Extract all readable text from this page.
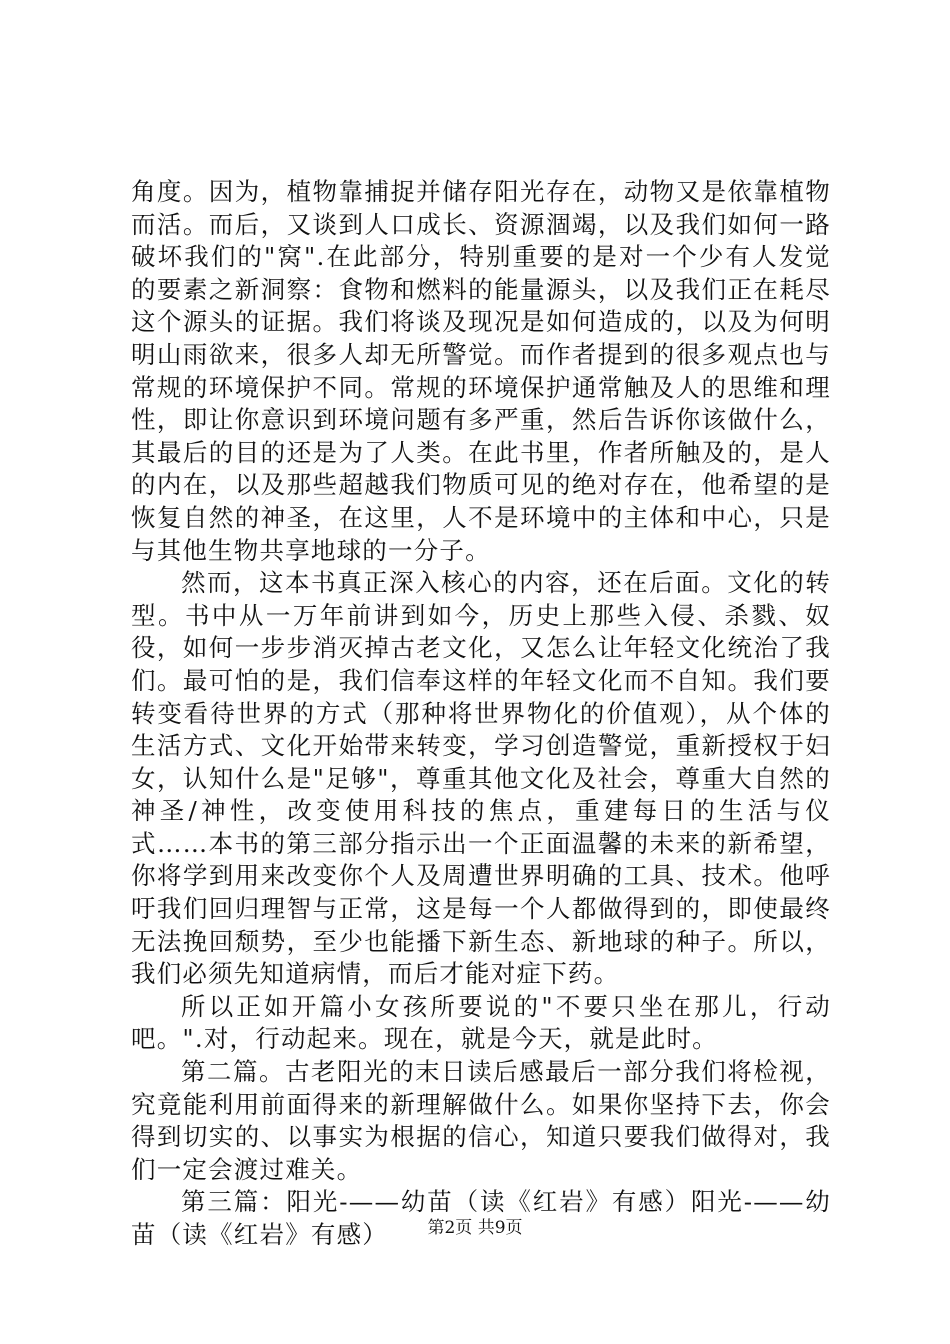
角度。因为，植物靠捕捉并储存阳光存在，动物又是依靠植物而活。而后，又谈到人口成长、资源涸竭，以及我们如何一路破坏我们的"窝".在此部分，特别重要的是对一个少有人发觉的要素之新洞察：食物和燃料的能量源头，以及我们正在耗尽这个源头的证据。我们将谈及现况是如何造成的，以及为何明明山雨欲来，很多人却无所警觉。而作者提到的很多观点也与常规的环境保护不同。常规的环境保护通常触及人的思维和理性，即让你意识到环境问题有多严重，然后告诉你该做什么，其最后的目的还是为了人类。在此书里，作者所触及的，是人的内在，以及那些超越我们物质可见的绝对存在，他希望的是恢复自然的神圣，在这里，人不是环境中的主体和中心，只是与其他生物共享地球的一分子。

然而，这本书真正深入核心的内容，还在后面。文化的转型。书中从一万年前讲到如今，历史上那些入侵、杀戮、奴役，如何一步步消灭掉古老文化，又怎么让年轻文化统治了我们。最可怕的是，我们信奉这样的年轻文化而不自知。我们要转变看待世界的方式（那种将世界物化的价值观），从个体的生活方式、文化开始带来转变，学习创造警觉，重新授权于妇女，认知什么是"足够"，尊重其他文化及社会，尊重大自然的神圣/神性，改变使用科技的焦点，重建每日的生活与仪式……本书的第三部分指示出一个正面温馨的未来的新希望，你将学到用来改变你个人及周遭世界明确的工具、技术。他呼吁我们回归理智与正常，这是每一个人都做得到的，即使最终无法挽回颓势，至少也能播下新生态、新地球的种子。所以，我们必须先知道病情，而后才能对症下药。

所以正如开篇小女孩所要说的"不要只坐在那儿，行动吧。".对，行动起来。现在，就是今天，就是此时。

第二篇。古老阳光的末日读后感最后一部分我们将检视，究竟能利用前面得来的新理解做什么。如果你坚持下去，你会得到切实的、以事实为根据的信心，知道只要我们做得对，我们一定会渡过难关。

第三篇：阳光-——幼苗（读《红岩》有感）阳光-——幼苗（读《红岩》有感）	第2页 共9页
